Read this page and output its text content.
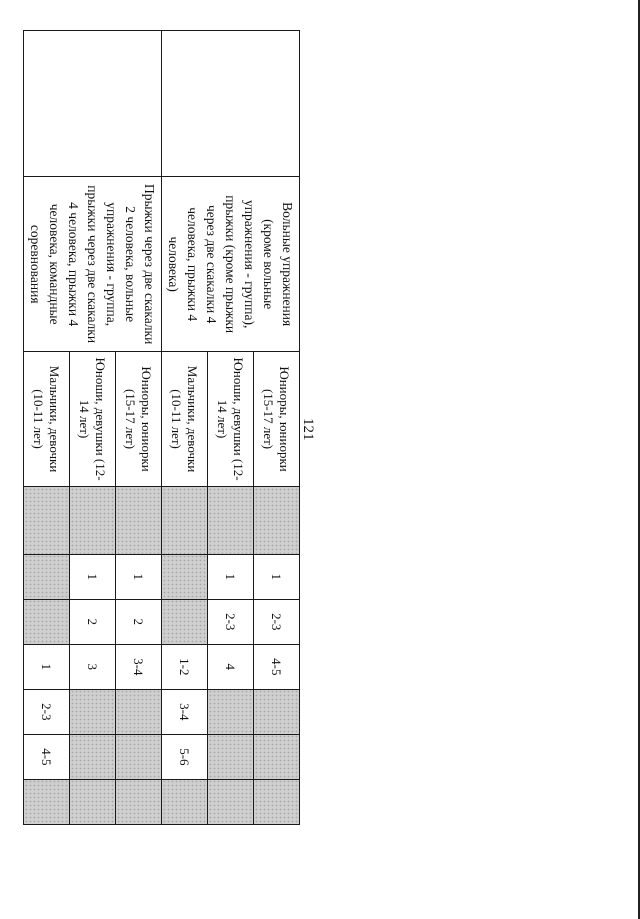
121
	Вольные упражнения (кроме вольные упражнения - группа), прыжки (кроме прыжки через две скакалки 4 человека, прыжки 4 человека)	Юниоры, юниорки (15-17 лет)		1	2-3	4-5			
		Юноши, девушки (12-14 лет)		1	2-3	4			
		Мальчики, девочки (10-11 лет)				1-2	3-4	5-6	
	Прыжки через две скакалки 2 человека, вольные упражнения - группа, прыжки через две скакалки 4 человека, прыжки 4 человека, командные соревнования	Юниоры, юниорки (15-17 лет)		1	2	3-4			
		Юноши, девушки (12-14 лет)		1	2	3			
		Мальчики, девочки (10-11 лет)				1	2-3	4-5	
